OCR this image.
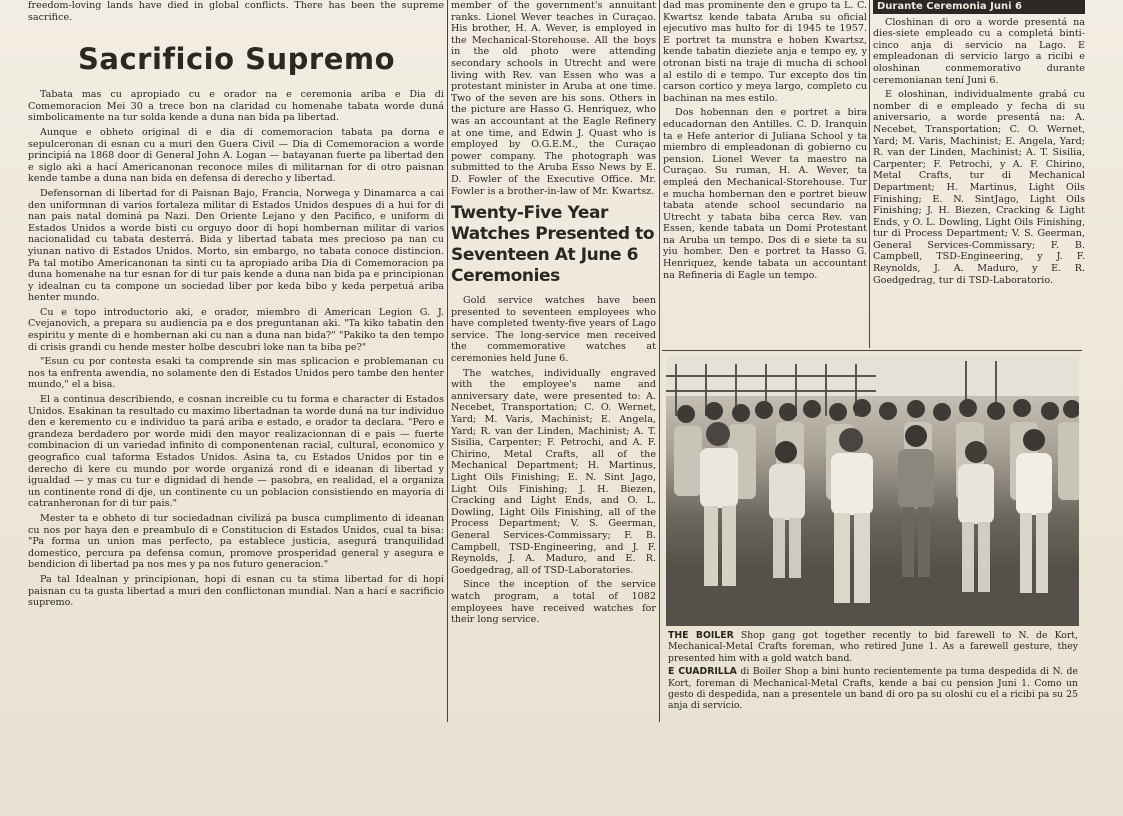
freedom-loving lands have died in global conflicts. There has been the supreme sacrifice.

Sacrificio Supremo

Tabata mas cu apropiado cu e orador na e ceremonia ariba e Dia di Comemoracion Mei 30 a trece bon na claridad cu homenahe tabata worde duná simbolicamente na tur solda kende a duna nan bida pa libertad.

Aunque e obheto original di e dia di comemoracion tabata pa dorna e sepulceronan di esnan cu a muri den Guera Civil — Dia di Comemoracion a worde principiá na 1868 door di General John A. Logan — batayanan fuerte pa libertad den e siglo aki a hací Americanonan reconoce miles di militarnan for di otro paisnan kende tambe a duna nan bida en defensa di derecho y libertad.

Defensornan di libertad for di Paisnan Bajo, Francia, Norwega y Dinamarca a cai den uniformnan di varios fortaleza militar di Estados Unidos despues di a hui for di nan pais natal dominá pa Nazi. Den Oriente Lejano y den Pacifico, e uniform di Estados Unidos a worde bisti cu orguyo door di hopi hombernan militar di varios nacionalidad cu tabata desterrá. Bida y libertad tabata mes precioso pa nan cu yiunan nativo di Estados Unidos. Morto, sin embargo, no tabata conoce distincion. Pa tal motibo Americanonan ta sinti cu ta apropiado ariba Dia di Comemoracion pa duna homenahe na tur esnan for di tur pais kende a duna nan bida pa e principionan y idealnan cu ta compone un sociedad liber por keda bibo y keda perpetuá ariba henter mundo.

Cu e topo introductorio aki, e orador, miembro di American Legion G. J. Cvejanovich, a prepara su audiencia pa e dos preguntanan aki. "Ta kiko tabatin den espiritu y mente di e hombernan aki cu nan a duna nan bida?" "Pakiko ta den tempo di crisis grandi cu hende mester holbe descubri loke nan ta biba pe?"

"Esun cu por contesta esaki ta comprende sin mas splicacion e problemanan cu nos ta enfrenta awendia, no solamente den di Estados Unidos pero tambe den henter mundo," el a bisa.

El a continua describiendo, e cosnan increible cu tu forma e character di Estados Unidos. Esakinan ta resultado cu maximo libertadnan ta worde duná na tur individuo den e keremento cu e individuo ta pará ariba e estado, e orador ta declara. "Pero e grandeza berdadero por worde midi den mayor realizacionnan di e pais — fuerte combinacion di un variedad infinito di componentenan racial, cultural, economico y geografico cual taforma Estados Unidos. Asina ta, cu Estados Unidos por tin e derecho di kere cu mundo por worde organizá rond di e ideanan di libertad y igualdad — y mas cu tur e dignidad di hende — pasobra, en realidad, el a organiza un continente rond di dje, un continente cu un poblacion consistiendo en mayoria di catranheronan for di tur pais."

Mester ta e obheto di tur sociedadnan civilizá pa busca cumplimento di ideanan cu nos por haya den e preambulo di e Constitucion di Estados Unidos, cual ta bisa: "Pa forma un union mas perfecto, pa establece justicia, asegurá tranquilidad domestico, percura pa defensa comun, promove prosperidad general y asegura e bendicion di libertad pa nos mes y pa nos futuro generacion."

Pa tal Idealnan y principionan, hopi di esnan cu ta stima libertad for di hopi paisnan cu ta gusta libertad a muri den conflictonan mundial. Nan a hací e sacrificio supremo.

member of the government's annuitant ranks. Lionel Wever teaches in Curaçao. His brother, H. A. Wever, is employed in the Mechanical-Storehouse. All the boys in the old photo were attending secondary schools in Utrecht and were living with Rev. van Essen who was a protestant minister in Aruba at one time. Two of the seven are his sons. Others in the picture are Hasso G. Henriquez, who was an accountant at the Eagle Refinery at one time, and Edwin J. Quast who is employed by O.G.E.M., the Curaçao power company. The photograph was submitted to the Aruba Esso News by E. D. Fowler of the Executive Office. Mr. Fowler is a brother-in-law of Mr. Kwartsz.

Twenty-Five Year Watches Presented to Seventeen At June 6 Ceremonies

Gold service watches have been presented to seventeen employees who have completed twenty-five years of Lago service. The long-service men received the commemorative watches at ceremonies held June 6.

The watches, individually engraved with the employee's name and anniversary date, were presented to: A. Necebet, Transportation; C. O. Wernet, Yard; M. Varis, Machinist; E. Angela, Yard; R. van der Linden, Machinist; A. T. Sisilia, Carpenter; F. Petrochi, and A. F. Chirino, Metal Crafts, all of the Mechanical Department; H. Martinus, Light Oils Finishing; E. N. Sint Jago, Light Oils Finishing; J. H. Biezen, Cracking and Light Ends, and O. L. Dowling, Light Oils Finishing, all of the Process Department; V. S. Geerman, General Services-Commissary; F. B. Campbell, TSD-Engineering, and J. F. Reynolds, J. A. Maduro, and E. R. Goedgedrag, all of TSD-Laboratories.

Since the inception of the service watch program, a total of 1082 employees have received watches for their long service.

dad mas prominente den e grupo ta L. C. Kwartsz kende tabata Aruba su oficial ejecutivo mas hulto for di 1945 te 1957. E portret ta munstra e hoben Kwartsz, kende tabatin dieziete anja e tempo ey, y otronan bisti na traje di mucha di school al estilo di e tempo. Tur excepto dos tin carson cortico y meya largo, completo cu bachinan na mes estilo.

Dos hobennan den e portret a bira educadornan den Antilles. C. D. Iranquin ta e Hefe anterior di Juliana School y ta miembro di empleadonan di gobierno cu pension. Lionel Wever ta maestro na Curaçao. Su ruman, H. A. Wever, ta empleá den Mechanical-Storehouse. Tur e mucha hombernan den e portret bieuw tabata atende school secundario na Utrecht y tabata biba cerca Rev. van Essen, kende tabata un Domi Protestant na Aruba un tempo. Dos di e siete ta su yiu homber. Den e portret ta Hasso G. Henriquez, kende tabata un accountant na Refineria di Eagle un tempo.

Durante Ceremonia Juni 6

Closhinan di oro a worde presentá na dies-siete empleado cu a completá binti-cinco anja di servicio na Lago. E empleadonan di servicio largo a ricibi e oloshinan conmemorativo durante ceremonianan tení Juni 6.

E oloshinan, individualmente grabá cu nomber di e empleado y fecha di su aniversario, a worde presentá na: A. Necebet, Transportation; C. O. Wernet, Yard; M. Varis, Machinist; E. Angela, Yard; R. van der Linden, Machinist; A. T. Sisilia, Carpenter; F. Petrochi, y A. F. Chirino, Metal Crafts, tur di Mechanical Department; H. Martinus, Light Oils Finishing; E. N. SintJago, Light Oils Finishing; J. H. Biezen, Cracking & Light Ends, y O. L. Dowling, Light Oils Finishing, tur di Process Department; V. S. Geerman, General Services-Commissary; F. B. Campbell, TSD-Engineering, y J. F. Reynolds, J. A. Maduro, y E. R. Goedgedrag, tur di TSD-Laboratorio.

THE BOILER Shop gang got together recently to bid farewell to N. de Kort, Mechanical-Metal Crafts foreman, who retired June 1. As a farewell gesture, they presented him with a gold watch band.

E CUADRILLA di Boiler Shop a bini hunto recientemente pa tuma despedida di N. de Kort, foreman di Mechanical-Metal Crafts, kende a bai cu pension Juni 1. Como un gesto di despedida, nan a presentele un band di oro pa su oloshi cu el a ricibi pa su 25 anja di servicio.
